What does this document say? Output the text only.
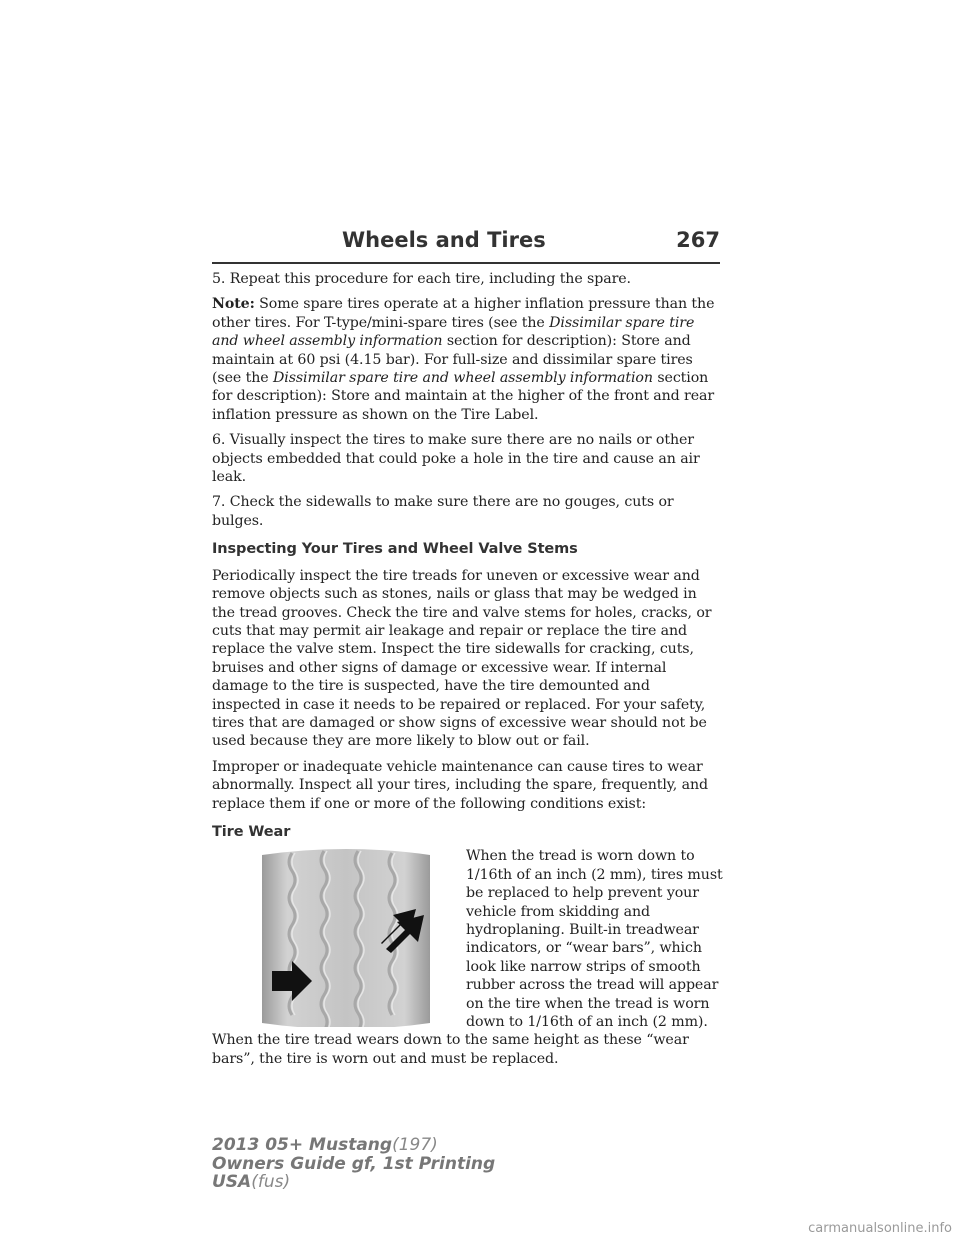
Wheels and Tires	267

5. Repeat this procedure for each tire, including the spare.

Note: Some spare tires operate at a higher inflation pressure than the other tires. For T-type/mini-spare tires (see the Dissimilar spare tire and wheel assembly information section for description): Store and maintain at 60 psi (4.15 bar). For full-size and dissimilar spare tires (see the Dissimilar spare tire and wheel assembly information section for description): Store and maintain at the higher of the front and rear inflation pressure as shown on the Tire Label.

6. Visually inspect the tires to make sure there are no nails or other objects embedded that could poke a hole in the tire and cause an air leak.

7. Check the sidewalls to make sure there are no gouges, cuts or bulges.

Inspecting Your Tires and Wheel Valve Stems

Periodically inspect the tire treads for uneven or excessive wear and remove objects such as stones, nails or glass that may be wedged in the tread grooves. Check the tire and valve stems for holes, cracks, or cuts that may permit air leakage and repair or replace the tire and replace the valve stem. Inspect the tire sidewalls for cracking, cuts, bruises and other signs of damage or excessive wear. If internal damage to the tire is suspected, have the tire demounted and inspected in case it needs to be repaired or replaced. For your safety, tires that are damaged or show signs of excessive wear should not be used because they are more likely to blow out or fail.

Improper or inadequate vehicle maintenance can cause tires to wear abnormally. Inspect all your tires, including the spare, frequently, and replace them if one or more of the following conditions exist:

Tire Wear
When the tread is worn down to 1/16th of an inch (2 mm), tires must be replaced to help prevent your vehicle from skidding and hydroplaning. Built-in treadwear indicators, or “wear bars”, which look like narrow strips of smooth rubber across the tread will appear on the tire when the tread is worn down to 1/16th of an inch (2 mm).

When the tire tread wears down to the same height as these “wear bars”, the tire is worn out and must be replaced.

2013 05+ Mustang(197)
Owners Guide gf, 1st Printing
USA(fus)
carmanualsonline.info
